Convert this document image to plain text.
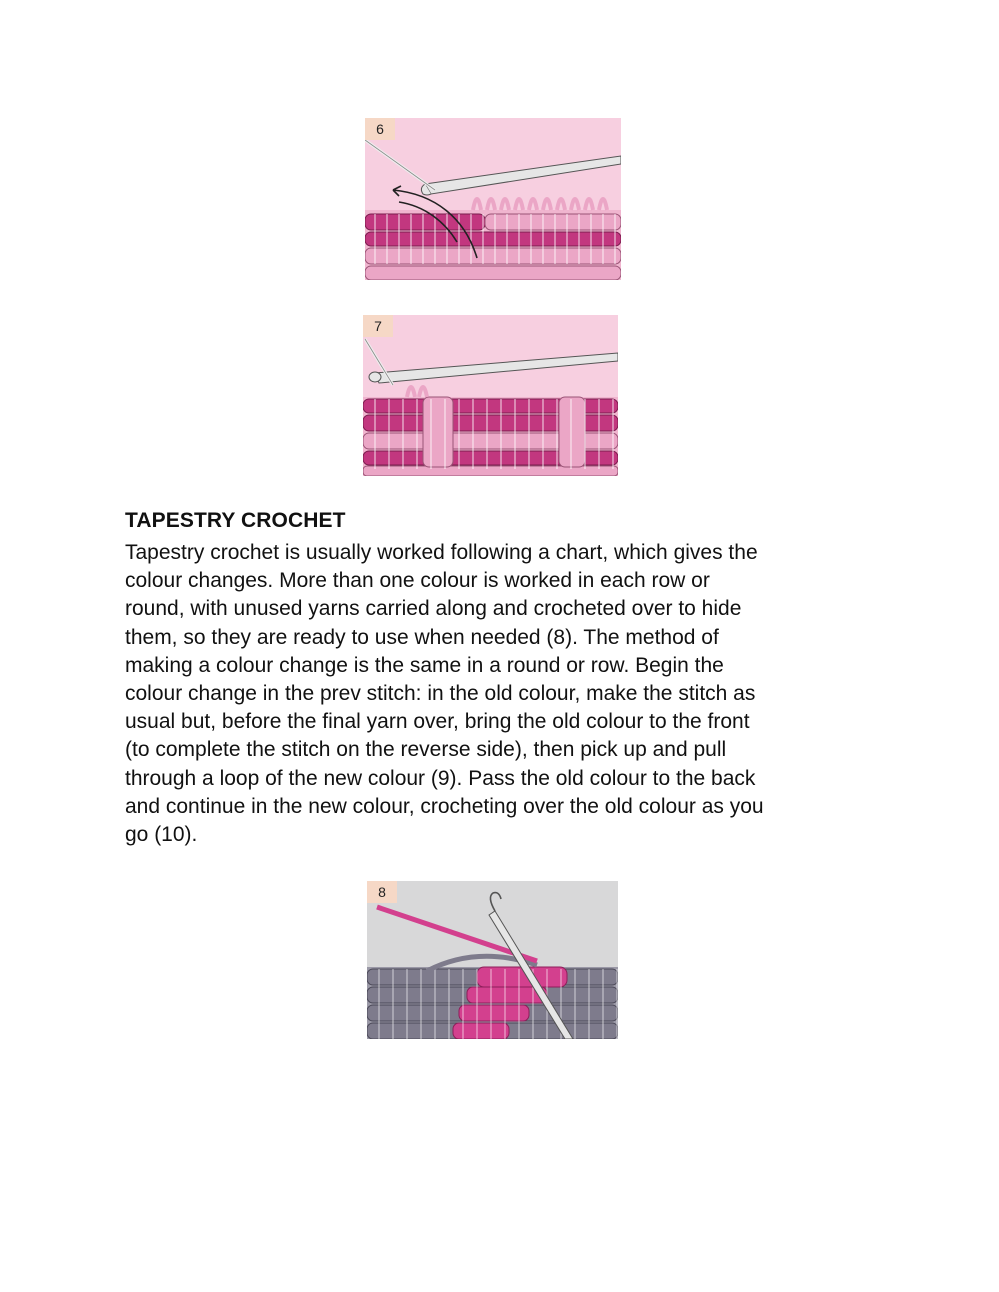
6
7
TAPESTRY CROCHET

Tapestry crochet is usually worked following a chart, which gives the
colour changes. More than one colour is worked in each row or
round, with unused yarns carried along and crocheted over to hide
them, so they are ready to use when needed (8). The method of
making a colour change is the same in a round or row. Begin the
colour change in the prev stitch: in the old colour, make the stitch as
usual but, before the final yarn over, bring the old colour to the front
(to complete the stitch on the reverse side), then pick up and pull
through a loop of the new colour (9). Pass the old colour to the back
and continue in the new colour, crocheting over the old colour as you
go (10).

8
